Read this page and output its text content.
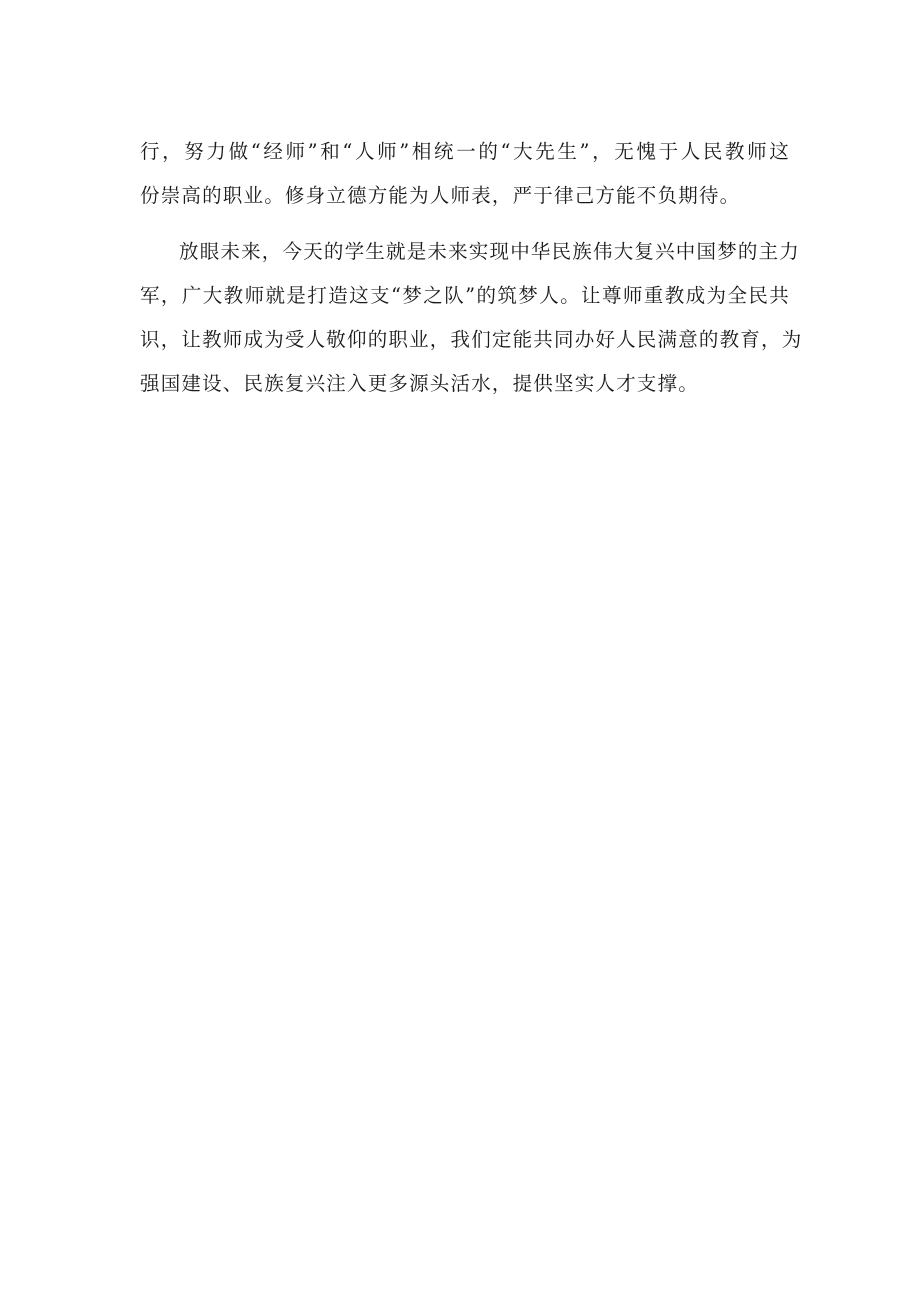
行，努力做“经师”和“人师”相统一的“大先生”，无愧于人民教师这
份崇高的职业。修身立德方能为人师表，严于律己方能不负期待。

放眼未来，今天的学生就是未来实现中华民族伟大复兴中国梦的主力
军，广大教师就是打造这支“梦之队”的筑梦人。让尊师重教成为全民共
识，让教师成为受人敬仰的职业，我们定能共同办好人民满意的教育，为
强国建设、民族复兴注入更多源头活水，提供坚实人才支撑。
